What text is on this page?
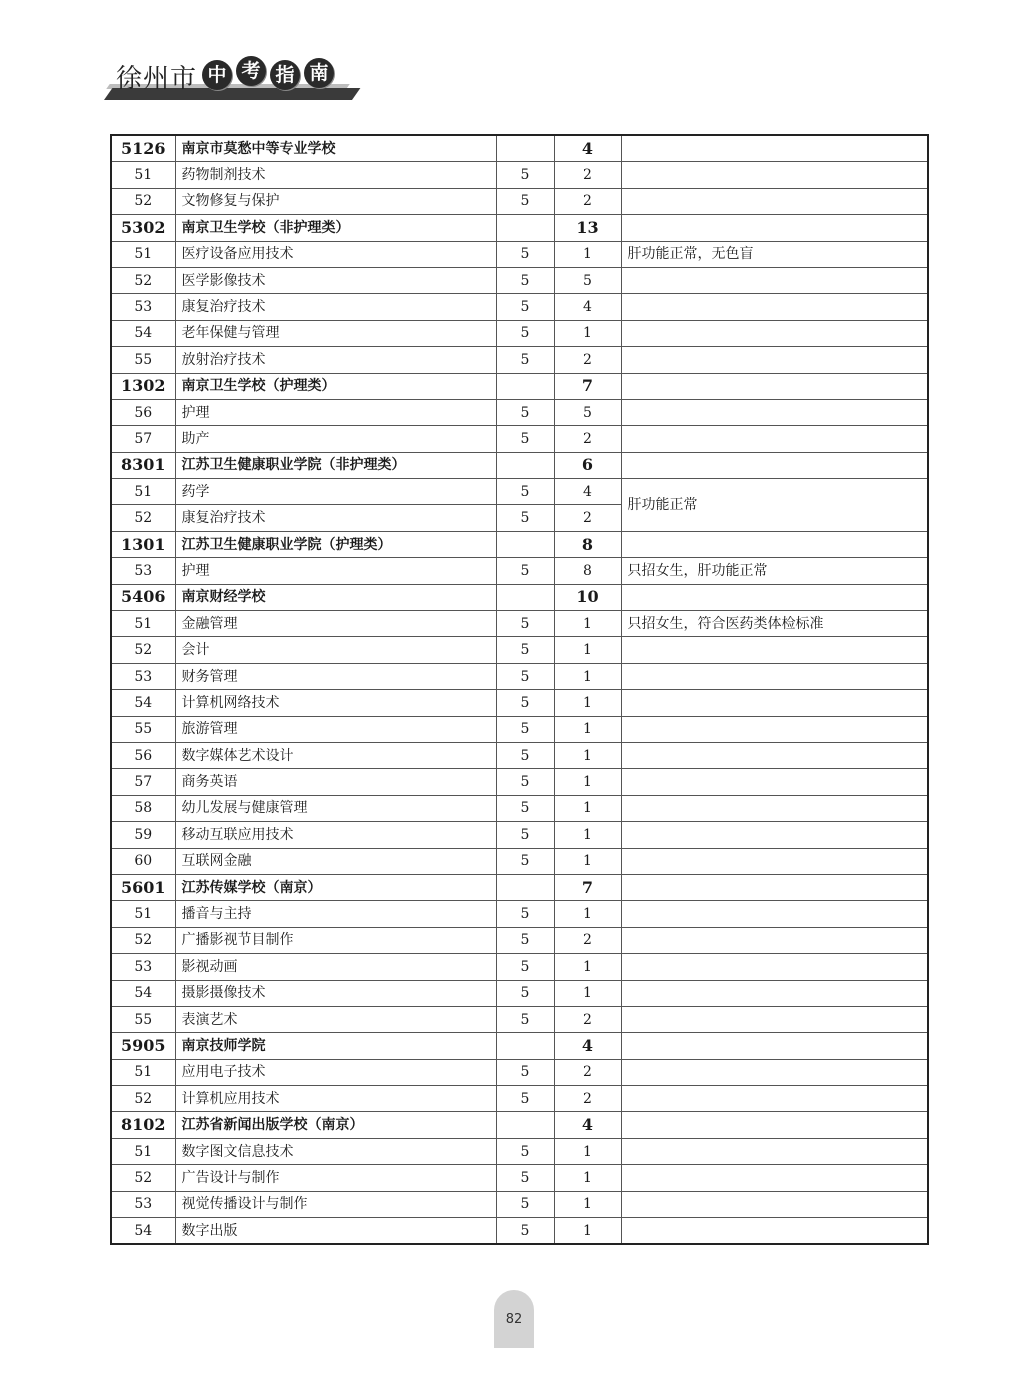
徐州市 中 考 指 南
5126	南京市莫愁中等专业学校		4	
51	药物制剂技术	5	2	
52	文物修复与保护	5	2	
5302	南京卫生学校（非护理类）		13	
51	医疗设备应用技术	5	1	肝功能正常，无色盲
52	医学影像技术	5	5	
53	康复治疗技术	5	4	
54	老年保健与管理	5	1	
55	放射治疗技术	5	2	
1302	南京卫生学校（护理类）		7	
56	护理	5	5	
57	助产	5	2	
8301	江苏卫生健康职业学院（非护理类）		6	
51	药学	5	4	肝功能正常
52	康复治疗技术	5	2	
1301	江苏卫生健康职业学院（护理类）		8	
53	护理	5	8	只招女生，肝功能正常
5406	南京财经学校		10	
51	金融管理	5	1	只招女生，符合医药类体检标准
52	会计	5	1	
53	财务管理	5	1	
54	计算机网络技术	5	1	
55	旅游管理	5	1	
56	数字媒体艺术设计	5	1	
57	商务英语	5	1	
58	幼儿发展与健康管理	5	1	
59	移动互联应用技术	5	1	
60	互联网金融	5	1	
5601	江苏传媒学校（南京）		7	
51	播音与主持	5	1	
52	广播影视节目制作	5	2	
53	影视动画	5	1	
54	摄影摄像技术	5	1	
55	表演艺术	5	2	
5905	南京技师学院		4	
51	应用电子技术	5	2	
52	计算机应用技术	5	2	
8102	江苏省新闻出版学校（南京）		4	
51	数字图文信息技术	5	1	
52	广告设计与制作	5	1	
53	视觉传播设计与制作	5	1	
54	数字出版	5	1	
82
